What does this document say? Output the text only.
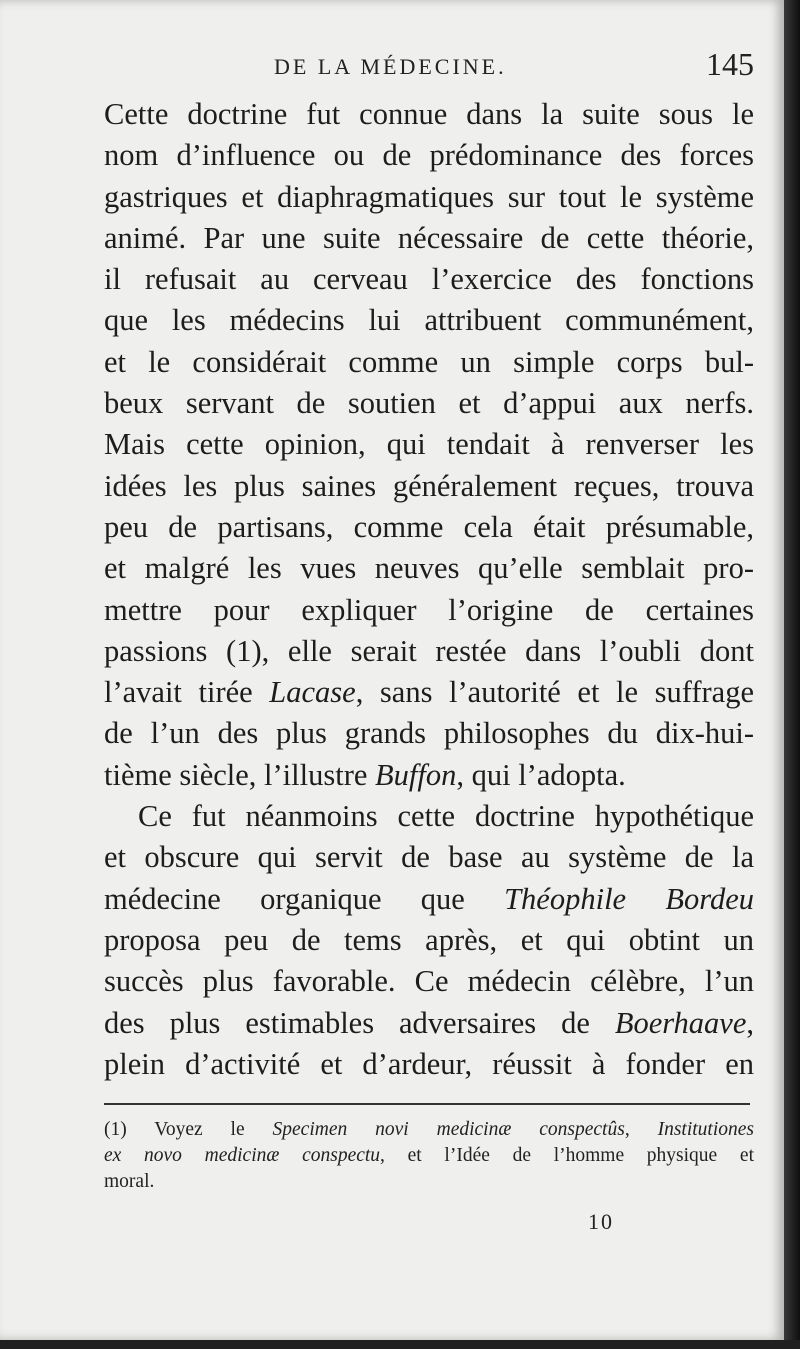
DE LA MÉDECINE.	145
Cette doctrine fut connue dans la suite sous le
nom d’influence ou de prédominance des forces
gastriques et diaphragmatiques sur tout le système
animé. Par une suite nécessaire de cette théorie,
il refusait au cerveau l’exercice des fonctions
que les médecins lui attribuent communément,
et le considérait comme un simple corps bul-
beux servant de soutien et d’appui aux nerfs.
Mais cette opinion, qui tendait à renverser les
idées les plus saines généralement reçues, trouva
peu de partisans, comme cela était présumable,
et malgré les vues neuves qu’elle semblait pro-
mettre pour expliquer l’origine de certaines
passions (1), elle serait restée dans l’oubli dont
l’avait tirée Lacase, sans l’autorité et le suffrage
de l’un des plus grands philosophes du dix-hui-
tième siècle, l’illustre Buffon, qui l’adopta.
Ce fut néanmoins cette doctrine hypothétique
et obscure qui servit de base au système de la
médecine organique que Théophile Bordeu
proposa peu de tems après, et qui obtint un
succès plus favorable. Ce médecin célèbre, l’un
des plus estimables adversaires de Boerhaave,
plein d’activité et d’ardeur, réussit à fonder en
(1) Voyez le Specimen novi medicinæ conspectûs, Institutiones
ex novo medicinæ conspectu, et l’Idée de l’homme physique et
moral.
10
